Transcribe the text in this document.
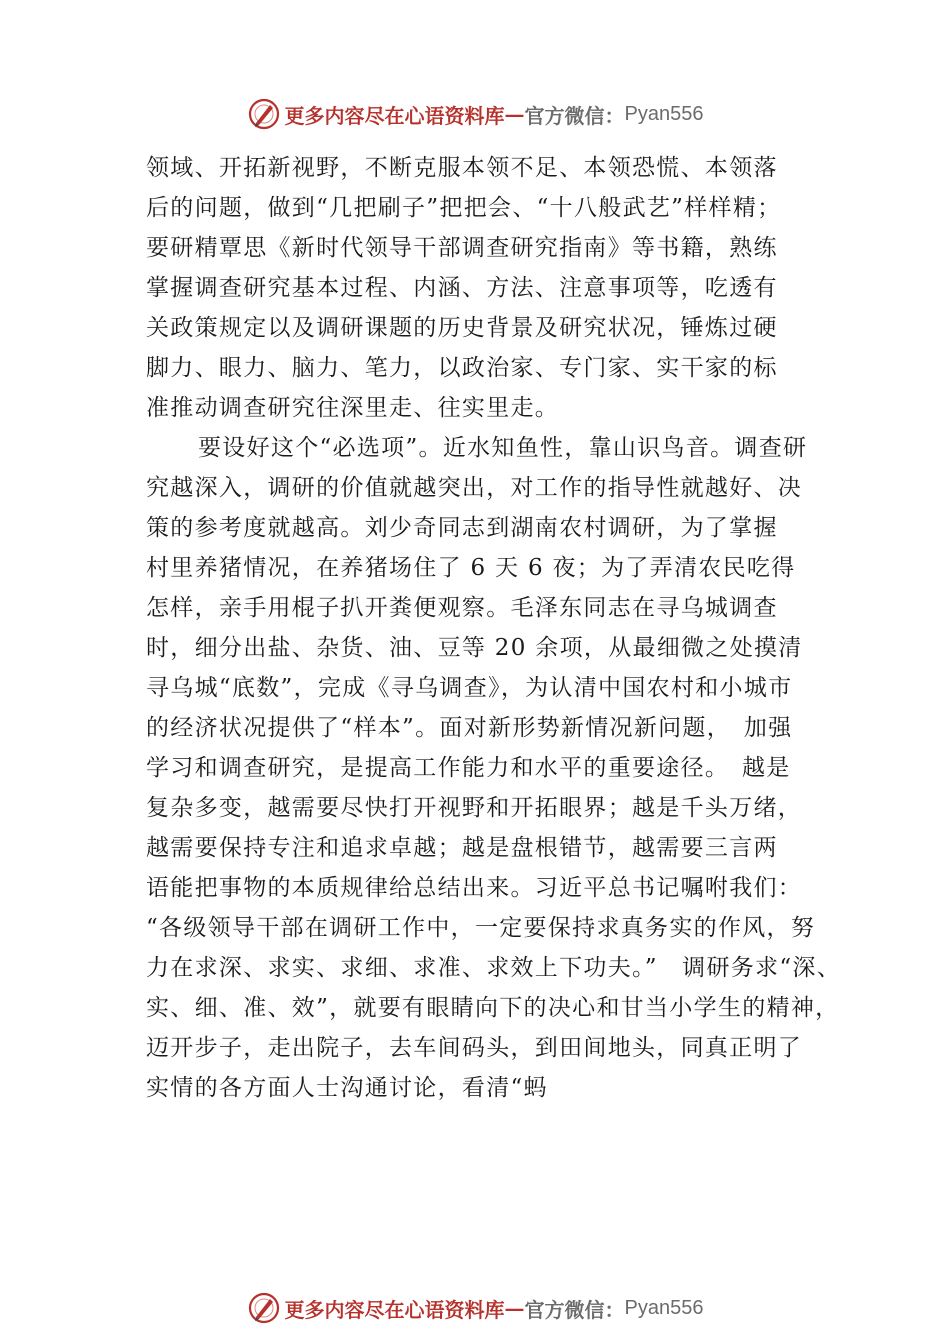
更多内容尽在心语资料库 — 官方微信： Pyan556
领域、开拓新视野，不断克服本领不足、本领恐慌、本领落
后的问题，做到“几把刷子”把把会、“十八般武艺”样样精；
要研精覃思《新时代领导干部调查研究指南》等书籍，熟练
掌握调查研究基本过程、内涵、方法、注意事项等，吃透有
关政策规定以及调研课题的历史背景及研究状况，锤炼过硬
脚力、眼力、脑力、笔力，以政治家、专门家、实干家的标
准推动调查研究往深里走、往实里走。
要设好这个“必选项”。近水知鱼性，靠山识鸟音。调查研
究越深入，调研的价值就越突出，对工作的指导性就越好、决
策的参考度就越高。刘少奇同志到湖南农村调研，为了掌握
村里养猪情况，在养猪场住了 6 天 6 夜；为了弄清农民吃得
怎样，亲手用棍子扒开粪便观察。毛泽东同志在寻乌城调查
时，细分出盐、杂货、油、豆等 20 余项，从最细微之处摸清
寻乌城“底数”，完成《寻乌调查》，为认清中国农村和小城市
的经济状况提供了“样本”。面对新形势新情况新问题，　加强
学习和调查研究，是提高工作能力和水平的重要途径。　越是
复杂多变，越需要尽快打开视野和开拓眼界；越是千头万绪，
越需要保持专注和追求卓越；越是盘根错节，越需要三言两
语能把事物的本质规律给总结出来。习近平总书记嘱咐我们：
“各级领导干部在调研工作中，一定要保持求真务实的作风，努
力在求深、求实、求细、求准、求效上下功夫。”　调研务求“深、
实、细、准、效”，就要有眼睛向下的决心和甘当小学生的精神，
迈开步子，走出院子，去车间码头，到田间地头，同真正明了
实情的各方面人士沟通讨论，看清“蚂
更多内容尽在心语资料库 — 官方微信： Pyan556
